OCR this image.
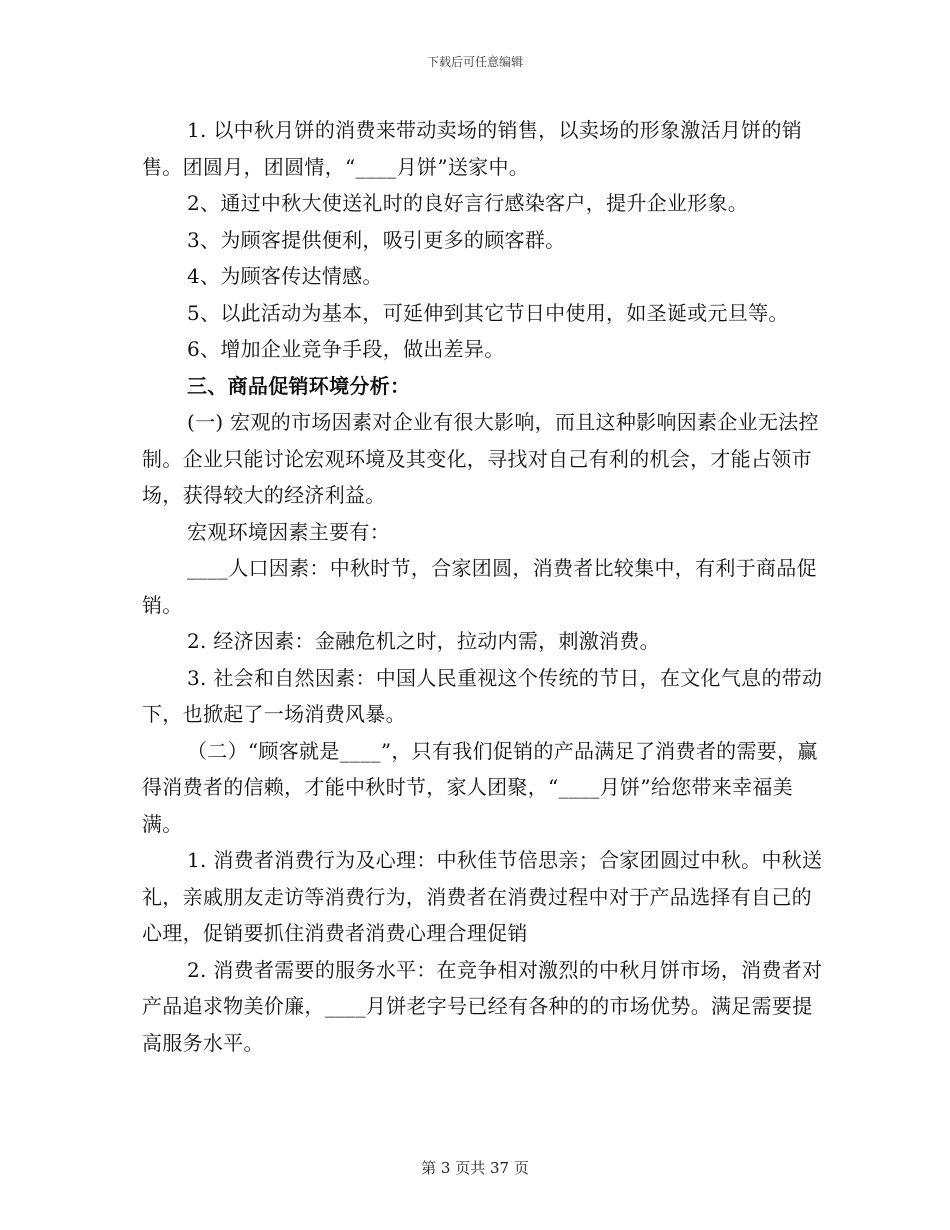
下载后可任意编辑

1. 以中秋月饼的消费来带动卖场的销售，以卖场的形象激活月饼的销售。团圆月，团圆情，“____月饼”送家中。

2、通过中秋大使送礼时的良好言行感染客户，提升企业形象。

3、为顾客提供便利，吸引更多的顾客群。

4、为顾客传达情感。

5、以此活动为基本，可延伸到其它节日中使用，如圣诞或元旦等。

6、增加企业竞争手段，做出差异。

三、商品促销环境分析：

(一) 宏观的市场因素对企业有很大影响，而且这种影响因素企业无法控制。企业只能讨论宏观环境及其变化，寻找对自己有利的机会，才能占领市场，获得较大的经济利益。

宏观环境因素主要有：

____人口因素：中秋时节，合家团圆，消费者比较集中，有利于商品促销。

2. 经济因素：金融危机之时，拉动内需，刺激消费。

3. 社会和自然因素：中国人民重视这个传统的节日，在文化气息的带动下，也掀起了一场消费风暴。

（二）“顾客就是____”，只有我们促销的产品满足了消费者的需要，赢得消费者的信赖，才能中秋时节，家人团聚，“____月饼”给您带来幸福美满。

1. 消费者消费行为及心理：中秋佳节倍思亲；合家团圆过中秋。中秋送礼，亲戚朋友走访等消费行为，消费者在消费过程中对于产品选择有自己的心理，促销要抓住消费者消费心理合理促销

2. 消费者需要的服务水平：在竞争相对激烈的中秋月饼市场，消费者对产品追求物美价廉，____月饼老字号已经有各种的的市场优势。满足需要提高服务水平。

第 3 页共 37 页
